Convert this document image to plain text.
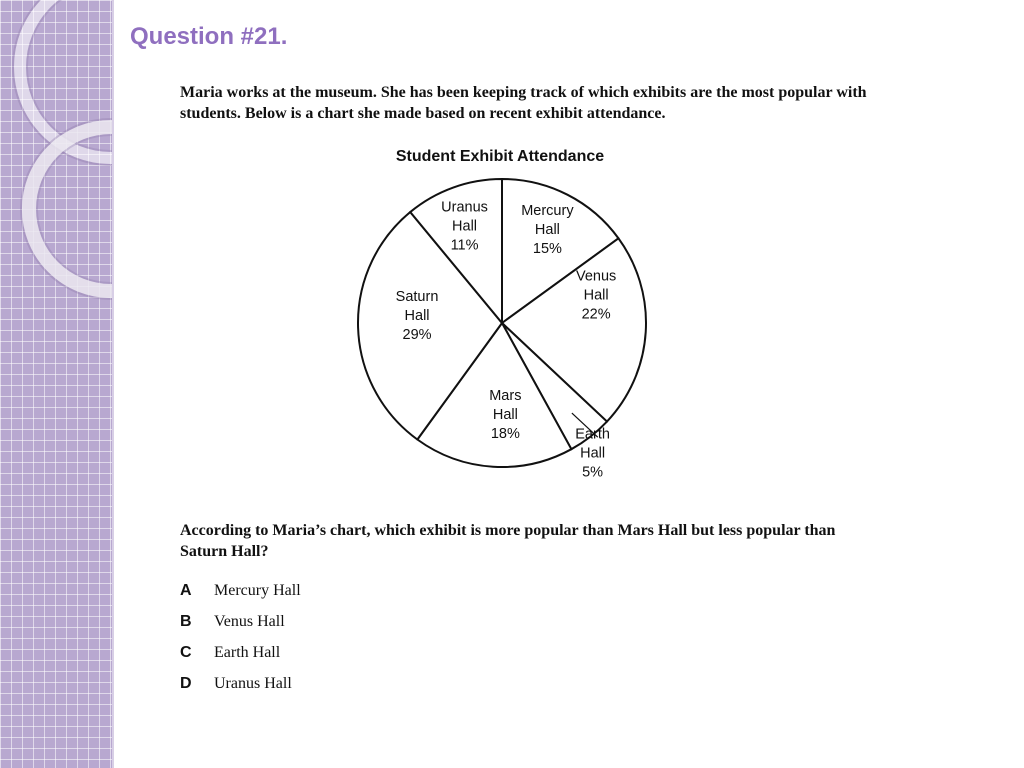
Question #21.

Maria works at the museum. She has been keeping track of which exhibits are the most popular with students. Below is a chart she made based on recent exhibit attendance.

Student Exhibit Attendance
Mercury Hall 15%
Venus Hall 22%
Earth Hall 5%
Mars Hall 18%
Saturn Hall 29%
Uranus Hall 11%

According to Maria’s chart, which exhibit is more popular than Mars Hall but less popular than Saturn Hall?

A	Mercury Hall
B	Venus Hall
C	Earth Hall
D	Uranus Hall
